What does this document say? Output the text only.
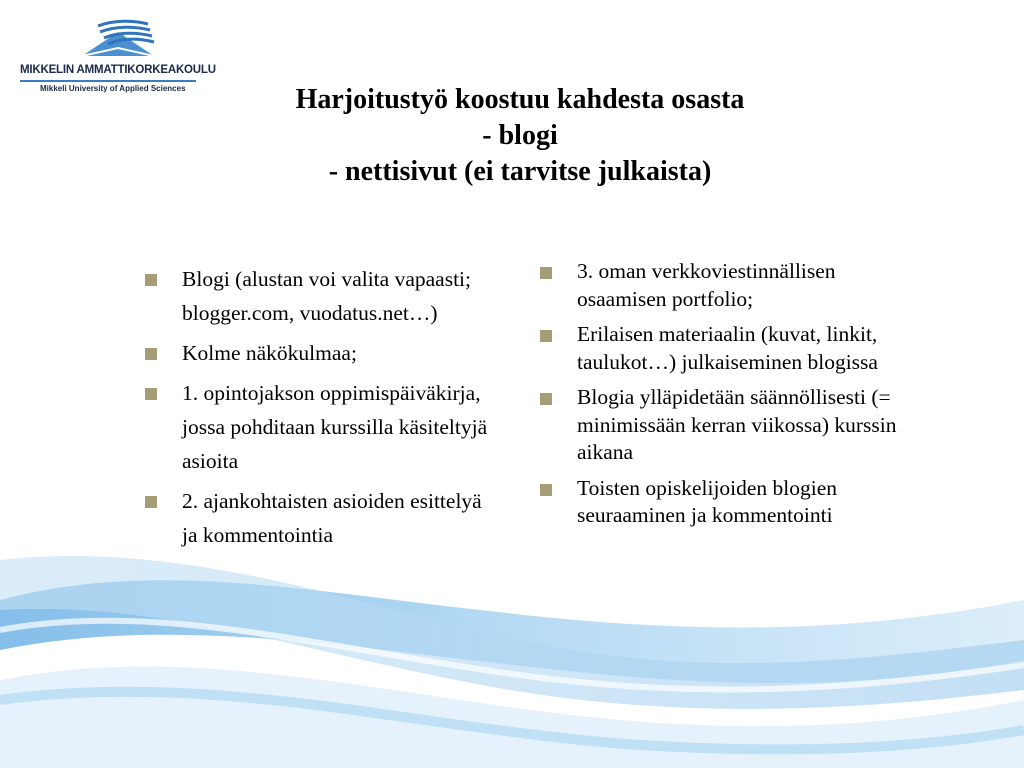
MIKKELIN AMMATTIKORKEAKOULU
Mikkeli University of Applied Sciences	Harjoitustyö koostuu kahdesta osasta
- blogi
- nettisivut (ei tarvitse julkaista)
Blogi (alustan voi valita vapaasti; blogger.com, vuodatus.net…)
Kolme näkökulmaa;
1. opintojakson oppimispäiväkirja, jossa pohditaan kurssilla käsiteltyjä asioita
2. ajankohtaisten asioiden esittelyä ja kommentointia
3. oman verkkoviestinnällisen osaamisen portfolio;
Erilaisen materiaalin (kuvat, linkit, taulukot…) julkaiseminen blogissa
Blogia ylläpidetään säännöllisesti (= minimissään kerran viikossa) kurssin aikana
Toisten opiskelijoiden blogien seuraaminen ja kommentointi
